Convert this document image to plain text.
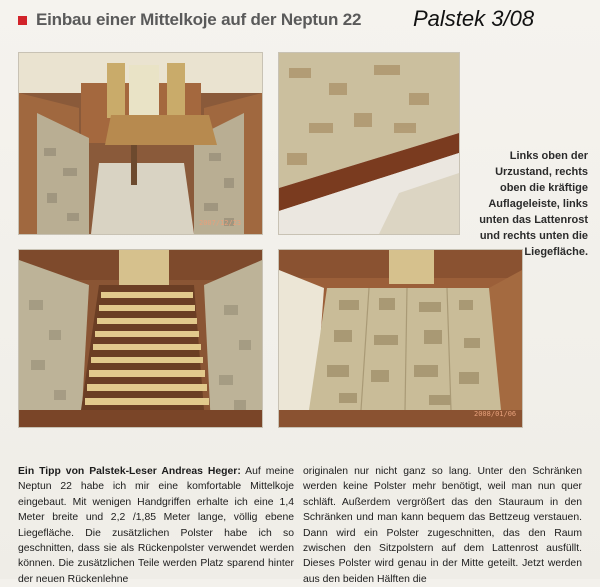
Einbau einer Mittelkoje auf der Neptun 22 Palstek 3/08
2007/12/23
Links oben der Urzustand, rechts oben die kräftige Auflageleiste, links unten das Lattenrost und rechts unten die Liegefläche.
2008/01/06

Ein Tipp von Palstek-Leser Andreas Heger: Auf meine Neptun 22 habe ich mir eine komfortable Mittelkoje eingebaut. Mit wenigen Handgriffen erhalte ich eine 1,4 Meter breite und 2,2 /1,85 Meter lange, völlig ebene Liegefläche. Die zusätzlichen Polster habe ich so geschnitten, dass sie als Rückenpolster verwendet werden können. Die zusätzlichen Teile werden Platz sparend hinter der neuen Rückenlehne

originalen nur nicht ganz so lang. Unter den Schränken werden keine Polster mehr benötigt, weil man nun quer schläft. Außerdem vergrößert das den Stauraum in den Schränken und man kann bequem das Bettzeug verstauen. Dann wird ein Polster zugeschnitten, das den Raum zwischen den Sitzpolstern auf dem Lattenrost ausfüllt. Dieses Polster wird genau in der Mitte geteilt. Jetzt werden aus den beiden Hälften die
